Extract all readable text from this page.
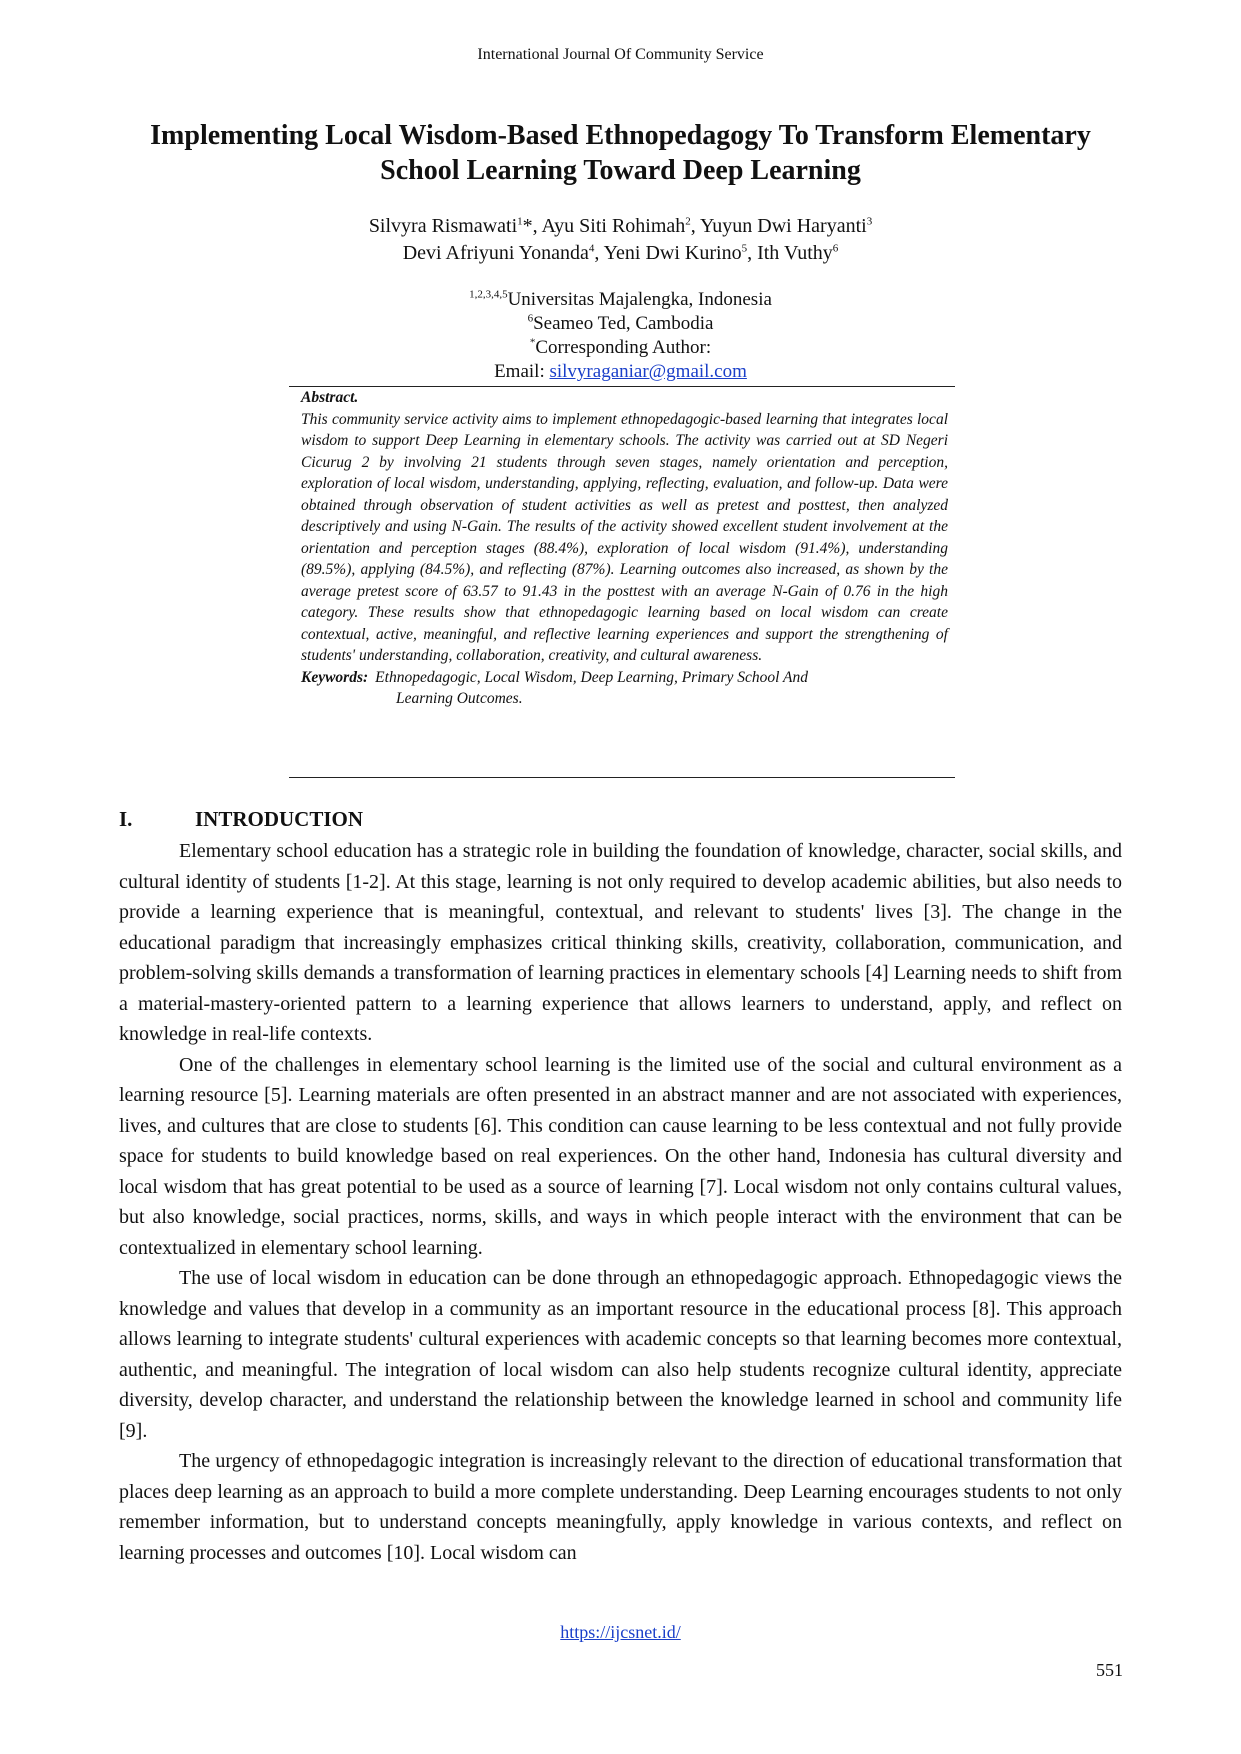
International Journal Of Community Service
Implementing Local Wisdom-Based Ethnopedagogy To Transform Elementary School Learning Toward Deep Learning
Silvyra Rismawati$^1$*, Ayu Siti Rohimah$^2$, Yuyun Dwi Haryanti$^3$
Devi Afriyuni Yonanda$^4$, Yeni Dwi Kurino$^5$, Ith Vuthy$^6$
$^{1,2,3,4,5}$Universitas Majalengka, Indonesia
$^6$Seameo Ted, Cambodia
*Corresponding Author:
Email: silvyraganiar@gmail.com
Abstract.
This community service activity aims to implement ethnopedagogic-based learning that integrates local wisdom to support Deep Learning in elementary schools. The activity was carried out at SD Negeri Cicurug 2 by involving 21 students through seven stages, namely orientation and perception, exploration of local wisdom, understanding, applying, reflecting, evaluation, and follow-up. Data were obtained through observation of student activities as well as pretest and posttest, then analyzed descriptively and using N-Gain. The results of the activity showed excellent student involvement at the orientation and perception stages (88.4%), exploration of local wisdom (91.4%), understanding (89.5%), applying (84.5%), and reflecting (87%). Learning outcomes also increased, as shown by the average pretest score of 63.57 to 91.43 in the posttest with an average N-Gain of 0.76 in the high category. These results show that ethnopedagogic learning based on local wisdom can create contextual, active, meaningful, and reflective learning experiences and support the strengthening of students' understanding, collaboration, creativity, and cultural awareness.
Keywords: Ethnopedagogic, Local Wisdom, Deep Learning, Primary School And
Learning Outcomes.
I.	INTRODUCTION

Elementary school education has a strategic role in building the foundation of knowledge, character, social skills, and cultural identity of students [1-2]. At this stage, learning is not only required to develop academic abilities, but also needs to provide a learning experience that is meaningful, contextual, and relevant to students' lives [3]. The change in the educational paradigm that increasingly emphasizes critical thinking skills, creativity, collaboration, communication, and problem-solving skills demands a transformation of learning practices in elementary schools [4] Learning needs to shift from a material-mastery-oriented pattern to a learning experience that allows learners to understand, apply, and reflect on knowledge in real-life contexts.

One of the challenges in elementary school learning is the limited use of the social and cultural environment as a learning resource [5]. Learning materials are often presented in an abstract manner and are not associated with experiences, lives, and cultures that are close to students [6]. This condition can cause learning to be less contextual and not fully provide space for students to build knowledge based on real experiences. On the other hand, Indonesia has cultural diversity and local wisdom that has great potential to be used as a source of learning [7]. Local wisdom not only contains cultural values, but also knowledge, social practices, norms, skills, and ways in which people interact with the environment that can be contextualized in elementary school learning.

The use of local wisdom in education can be done through an ethnopedagogic approach. Ethnopedagogic views the knowledge and values that develop in a community as an important resource in the educational process [8]. This approach allows learning to integrate students' cultural experiences with academic concepts so that learning becomes more contextual, authentic, and meaningful. The integration of local wisdom can also help students recognize cultural identity, appreciate diversity, develop character, and understand the relationship between the knowledge learned in school and community life [9].

The urgency of ethnopedagogic integration is increasingly relevant to the direction of educational transformation that places deep learning as an approach to build a more complete understanding. Deep Learning encourages students to not only remember information, but to understand concepts meaningfully, apply knowledge in various contexts, and reflect on learning processes and outcomes [10]. Local wisdom can

https://ijcsnet.id/
551
